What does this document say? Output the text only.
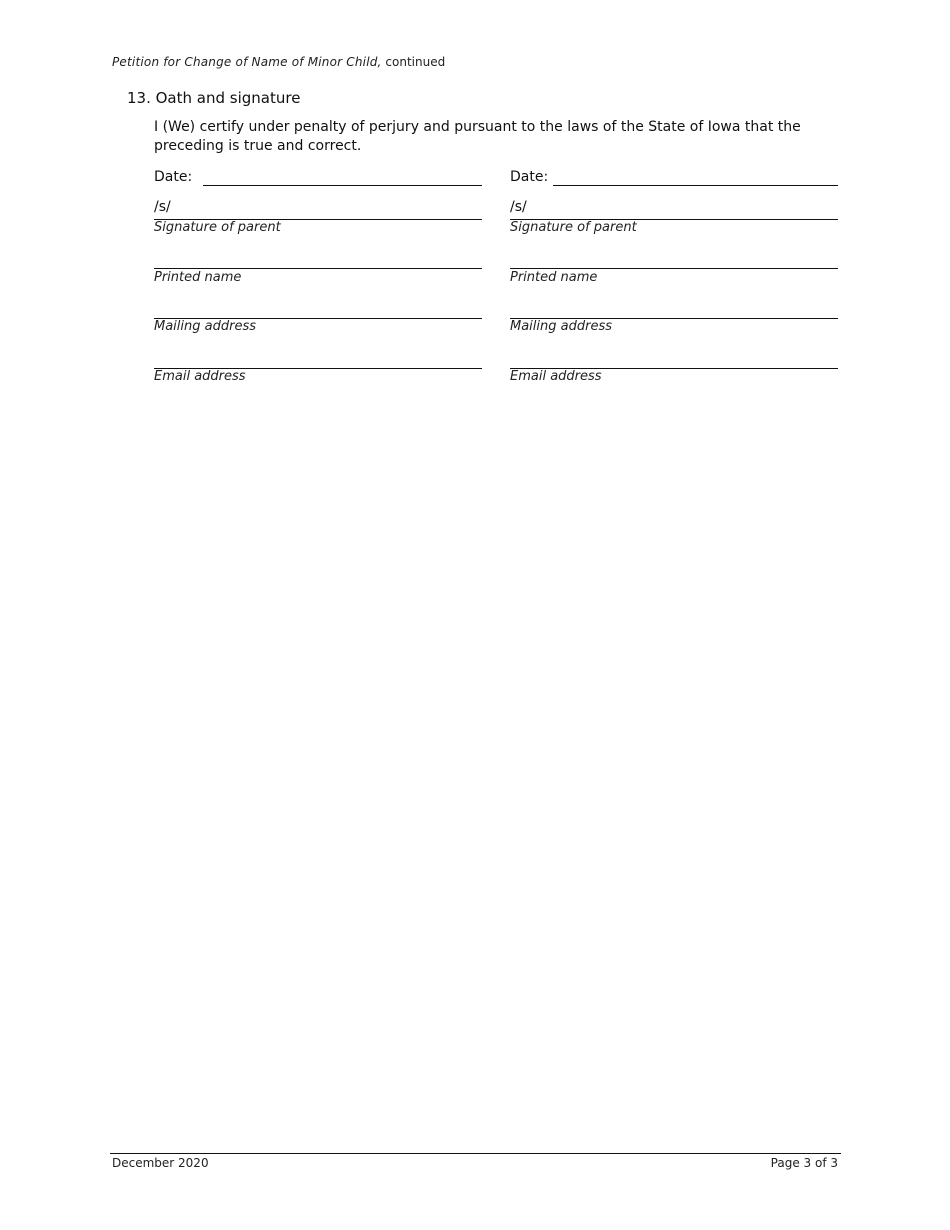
Petition for Change of Name of Minor Child, continued
13. Oath and signature
I (We) certify under penalty of perjury and pursuant to the laws of the State of Iowa that the preceding is true and correct.
Date:
/s/
Signature of parent
Printed name
Mailing address
Email address
Date:
/s/
Signature of parent
Printed name
Mailing address
Email address
December 2020	Page 3 of 3
